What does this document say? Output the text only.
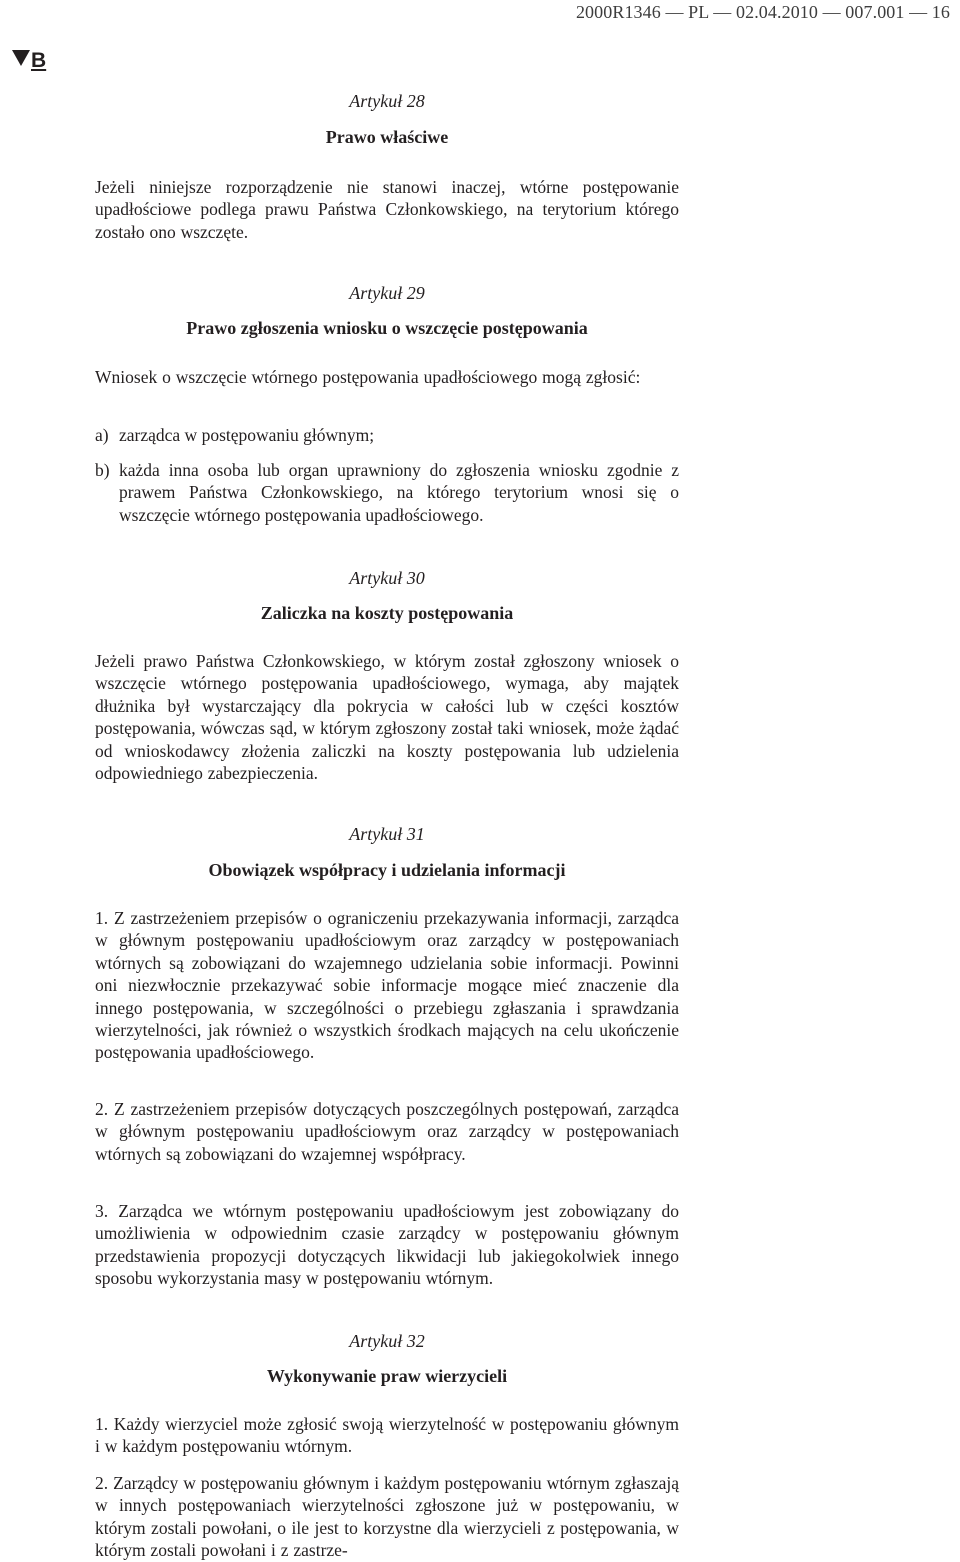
2000R1346 — PL — 02.04.2010 — 007.001 — 16
B
Artykuł 28
Prawo właściwe

Jeżeli niniejsze rozporządzenie nie stanowi inaczej, wtórne postępowanie upadłościowe podlega prawu Państwa Członkowskiego, na terytorium którego zostało ono wszczęte.

Artykuł 29
Prawo zgłoszenia wniosku o wszczęcie postępowania

Wniosek o wszczęcie wtórnego postępowania upadłościowego mogą zgłosić:

a) zarządca w postępowaniu głównym;
b) każda inna osoba lub organ uprawniony do zgłoszenia wniosku zgodnie z prawem Państwa Członkowskiego, na którego terytorium wnosi się o wszczęcie wtórnego postępowania upadłościowego.
Artykuł 30
Zaliczka na koszty postępowania

Jeżeli prawo Państwa Członkowskiego, w którym został zgłoszony wniosek o wszczęcie wtórnego postępowania upadłościowego, wymaga, aby majątek dłużnika był wystarczający dla pokrycia w całości lub w części kosztów postępowania, wówczas sąd, w którym zgłoszony został taki wniosek, może żądać od wnioskodawcy złożenia zaliczki na koszty postępowania lub udzielenia odpowiedniego zabezpieczenia.

Artykuł 31
Obowiązek współpracy i udzielania informacji

1. Z zastrzeżeniem przepisów o ograniczeniu przekazywania informacji, zarządca w głównym postępowaniu upadłościowym oraz zarządcy w postępowaniach wtórnych są zobowiązani do wzajemnego udzielania sobie informacji. Powinni oni niezwłocznie przekazywać sobie informacje mogące mieć znaczenie dla innego postępowania, w szczególności o przebiegu zgłaszania i sprawdzania wierzytelności, jak również o wszystkich środkach mających na celu ukończenie postępowania upadłościowego.

2. Z zastrzeżeniem przepisów dotyczących poszczególnych postępowań, zarządca w głównym postępowaniu upadłościowym oraz zarządcy w postępowaniach wtórnych są zobowiązani do wzajemnej współpracy.

3. Zarządca we wtórnym postępowaniu upadłościowym jest zobowiązany do umożliwienia w odpowiednim czasie zarządcy w postępowaniu głównym przedstawienia propozycji dotyczących likwidacji lub jakiegokolwiek innego sposobu wykorzystania masy w postępowaniu wtórnym.

Artykuł 32
Wykonywanie praw wierzycieli

1. Każdy wierzyciel może zgłosić swoją wierzytelność w postępowaniu głównym i w każdym postępowaniu wtórnym.

2. Zarządcy w postępowaniu głównym i każdym postępowaniu wtórnym zgłaszają w innych postępowaniach wierzytelności zgłoszone już w postępowaniu, w którym zostali powołani, o ile jest to korzystne dla wierzycieli z postępowania, w którym zostali powołani i z zastrze-
